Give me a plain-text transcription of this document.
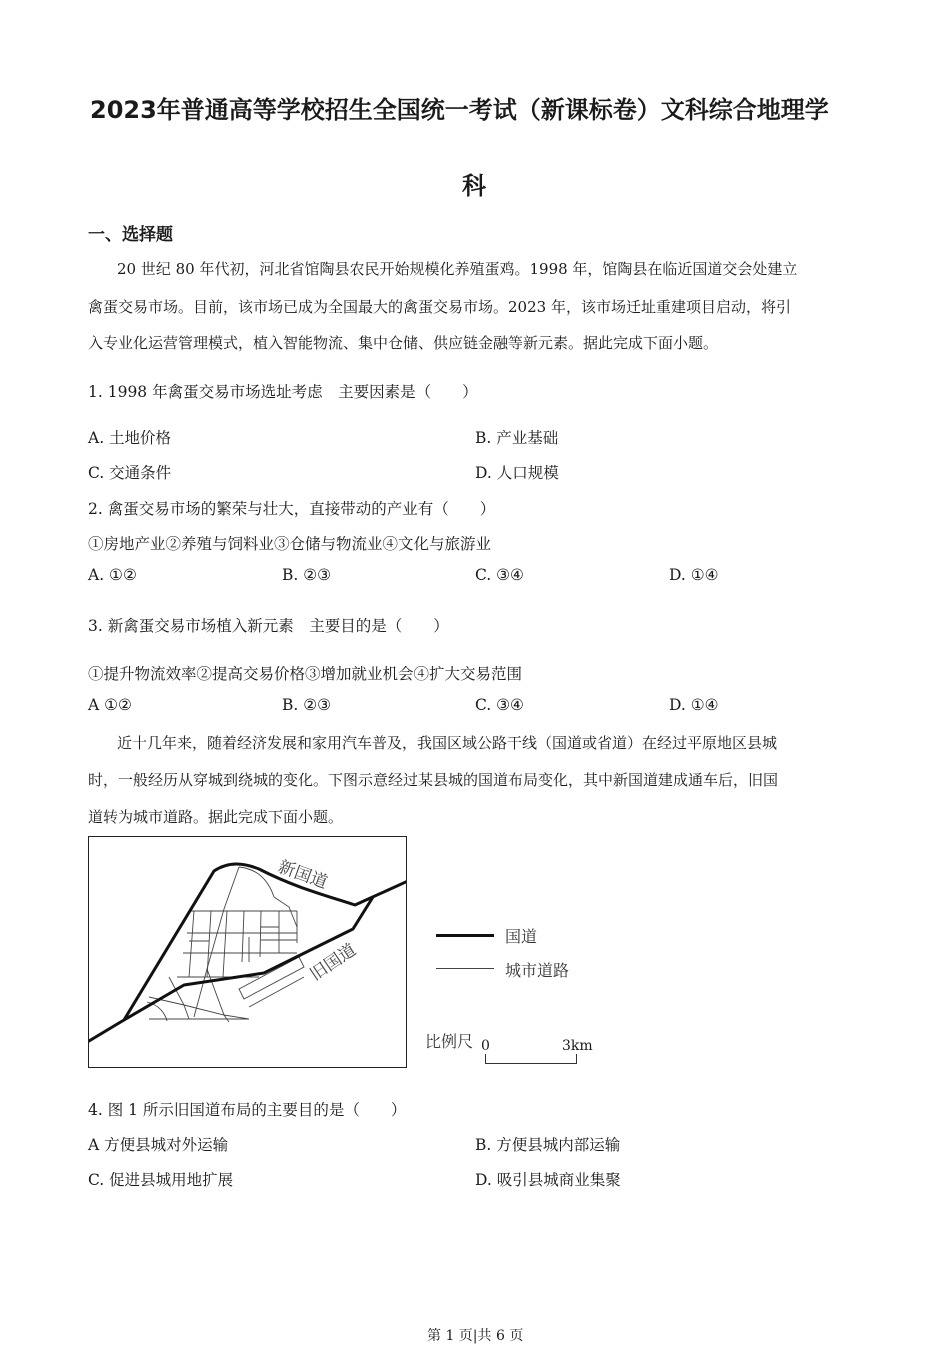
2023年普通高等学校招生全国统一考试（新课标卷）文科综合地理学
科
一、选择题
20 世纪 80 年代初，河北省馆陶县农民开始规模化养殖蛋鸡。1998 年，馆陶县在临近国道交会处建立
禽蛋交易市场。目前，该市场已成为全国最大的禽蛋交易市场。2023 年，该市场迁址重建项目启动，将引
入专业化运营管理模式，植入智能物流、集中仓储、供应链金融等新元素。据此完成下面小题。
1. 1998 年禽蛋交易市场选址考虑　主要因素是（　　）
A. 土地价格	B. 产业基础
C. 交通条件	D. 人口规模
2. 禽蛋交易市场的繁荣与壮大，直接带动的产业有（　　）
①房地产业②养殖与饲料业③仓储与物流业④文化与旅游业
A. ①②	B. ②③	C. ③④	D. ①④
3. 新禽蛋交易市场植入新元素　主要目的是（　　）
①提升物流效率②提高交易价格③增加就业机会④扩大交易范围
A ①②	B. ②③	C. ③④	D. ①④
近十几年来，随着经济发展和家用汽车普及，我国区域公路干线（国道或省道）在经过平原地区县城
时，一般经历从穿城到绕城的变化。下图示意经过某县城的国道布局变化，其中新国道建成通车后，旧国
道转为城市道路。据此完成下面小题。
新国道
旧国道
国道
城市道路
比例尺 0	3km
4. 图 1 所示旧国道布局的主要目的是（　　）
A 方便县城对外运输	B. 方便县城内部运输
C. 促进县城用地扩展	D. 吸引县城商业集聚
第 1 页|共 6 页
